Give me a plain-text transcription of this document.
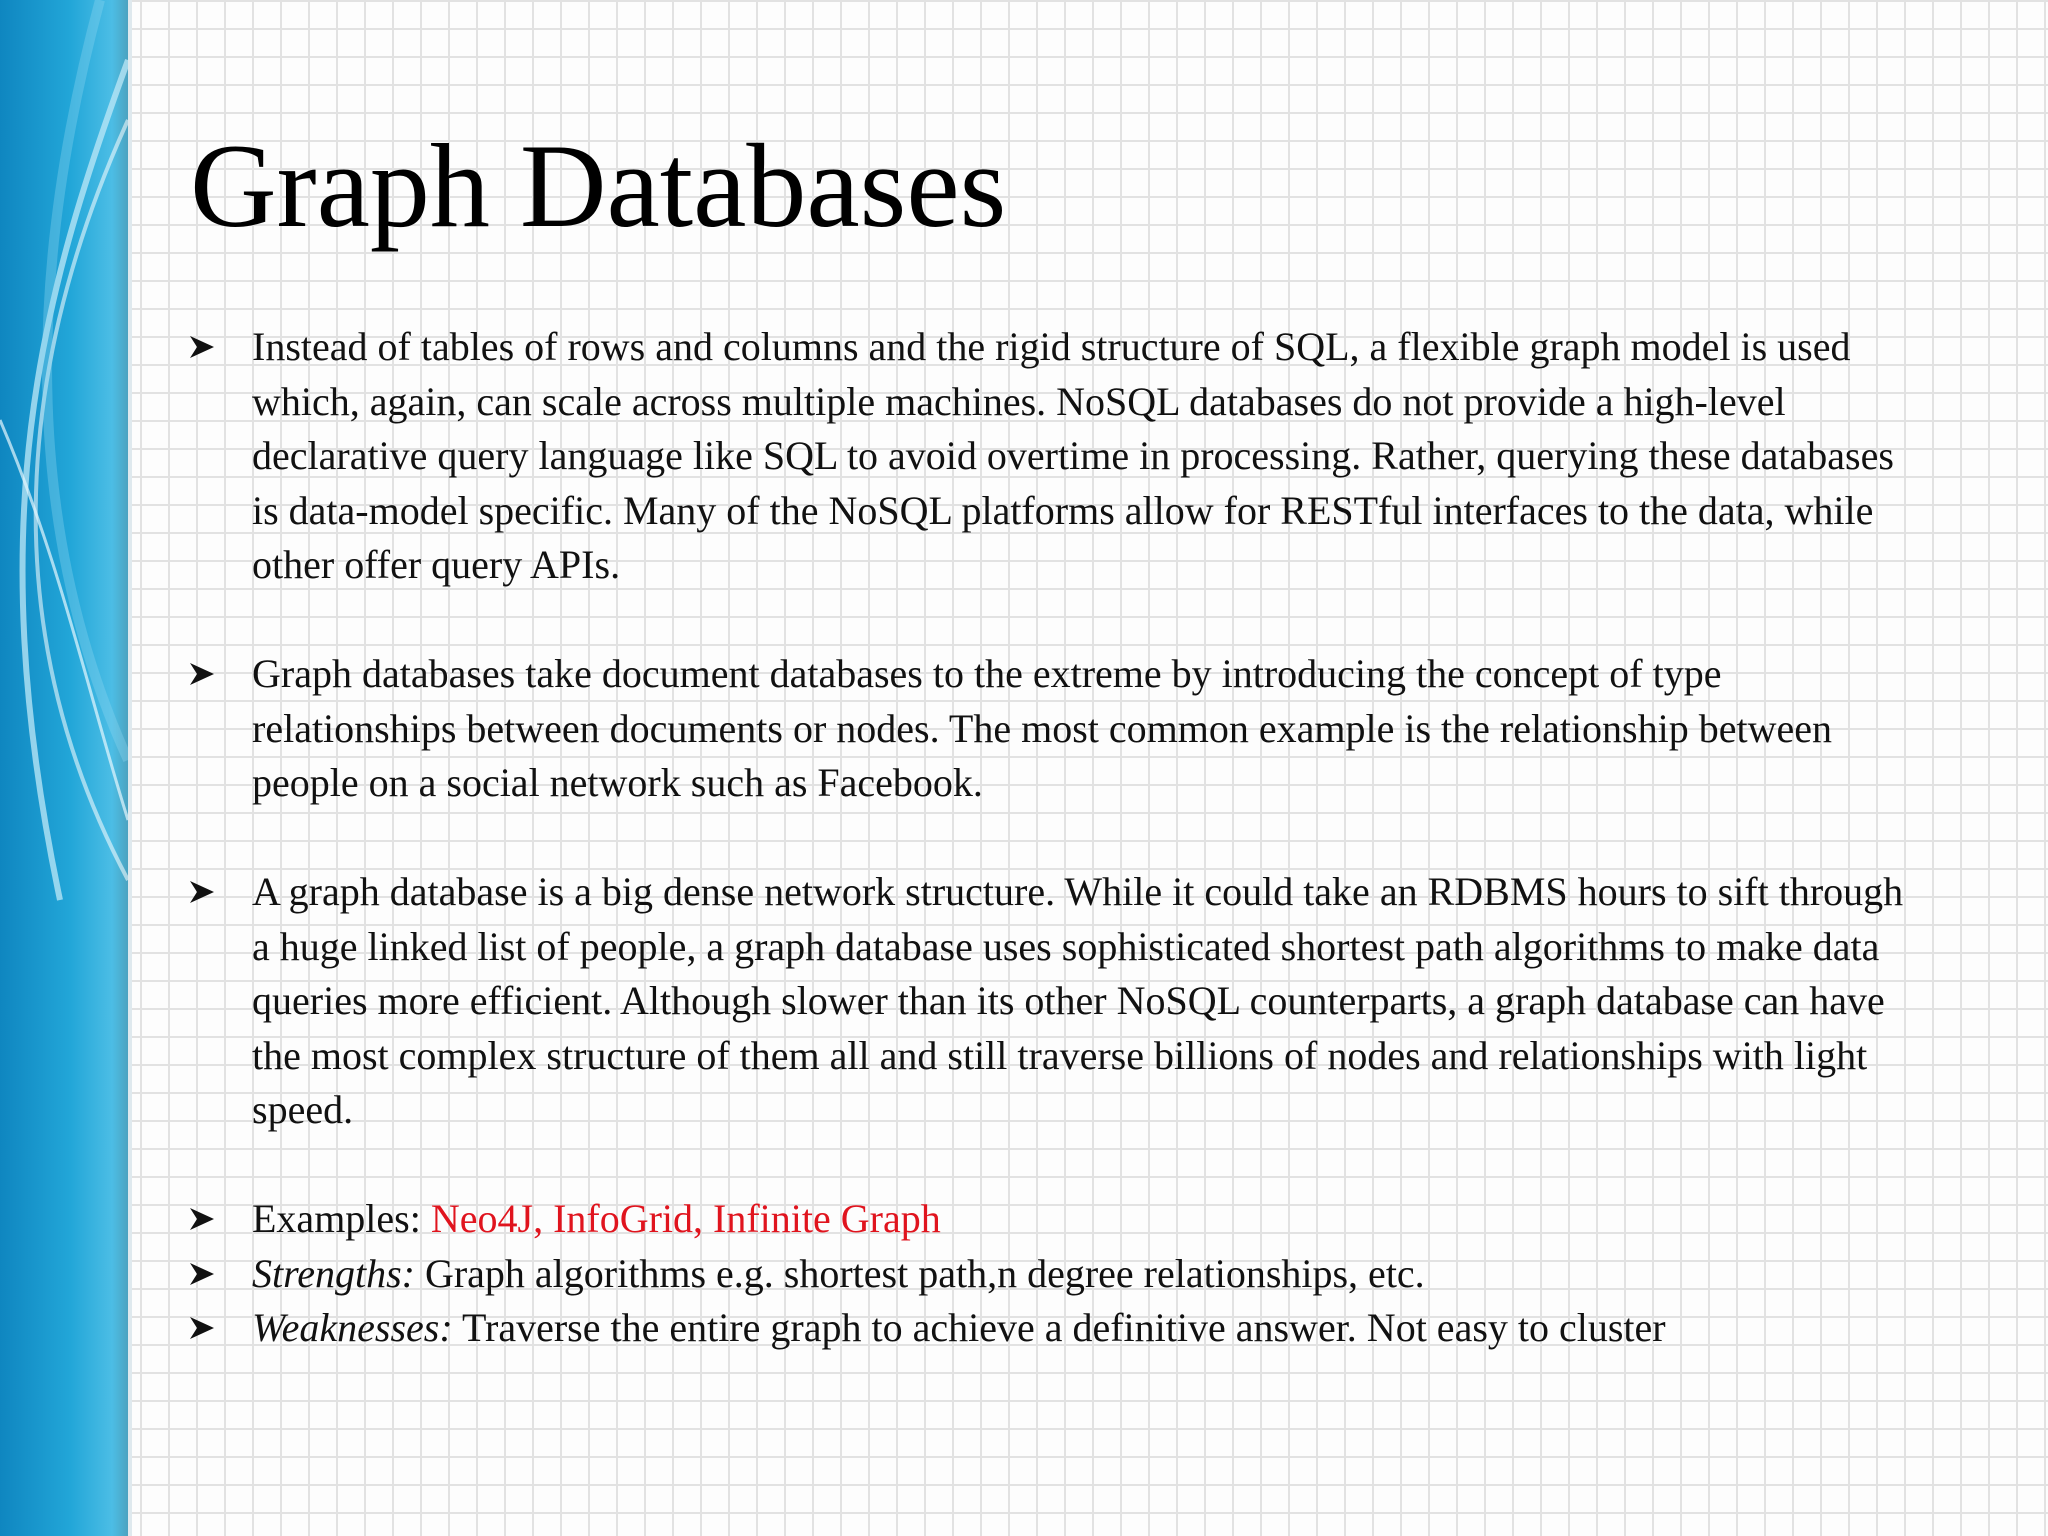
Graph Databases
Instead of tables of rows and columns and the rigid structure of SQL, a flexible graph model is used which, again, can scale across multiple machines. NoSQL databases do not provide a high-level declarative query language like SQL to avoid overtime in processing. Rather, querying these databases is data-model specific. Many of the NoSQL platforms allow for RESTful interfaces to the data, while other offer query APIs.
Graph databases take document databases to the extreme by introducing the concept of type relationships between documents or nodes. The most common example is the relationship between people on a social network such as Facebook.
A graph database is a big dense network structure. While it could take an RDBMS hours to sift through a huge linked list of people, a graph database uses sophisticated shortest path algorithms to make data queries more efficient. Although slower than its other NoSQL counterparts, a graph database can have the most complex structure of them all and still traverse billions of nodes and relationships with light speed.
Examples: Neo4J, InfoGrid, Infinite Graph
Strengths: Graph algorithms e.g. shortest path,n degree relationships, etc.
Weaknesses: Traverse the entire graph to achieve a definitive answer. Not easy to cluster
